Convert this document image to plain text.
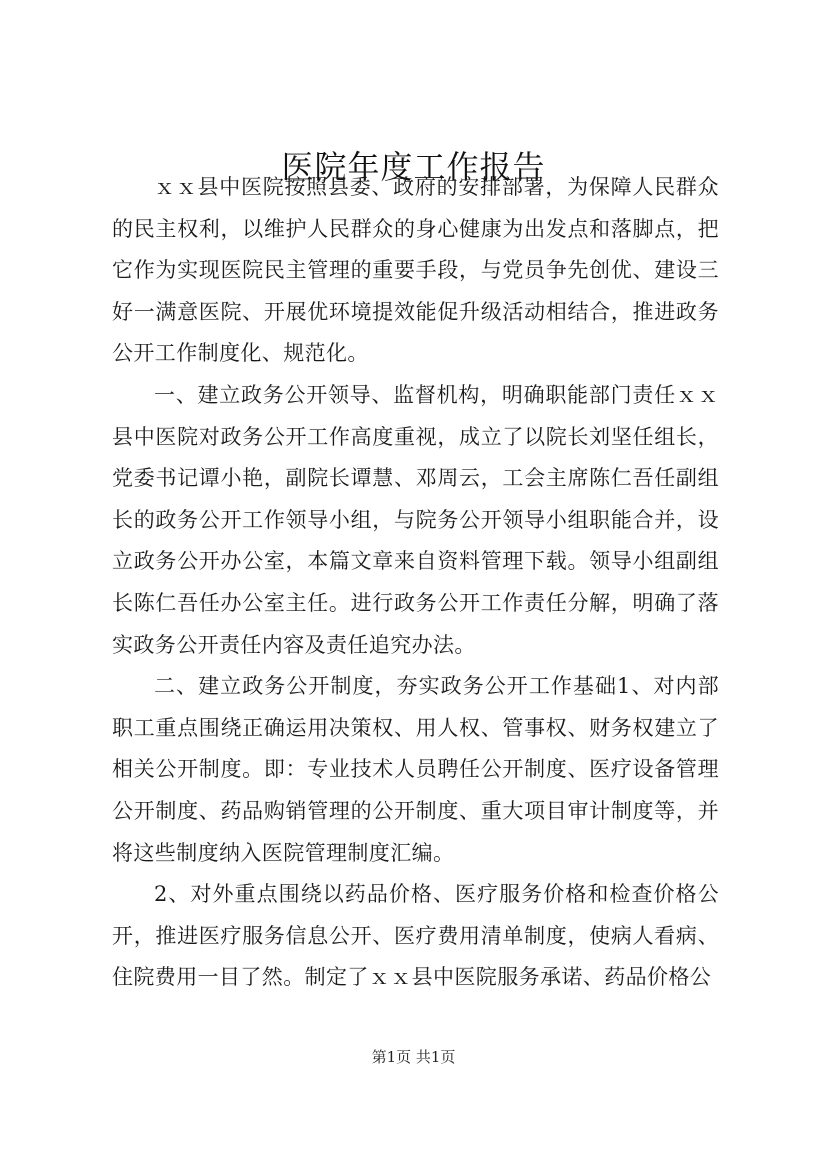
医院年度工作报告

ｘｘ县中医院按照县委、政府的安排部署，为保障人民群众的民主权利，以维护人民群众的身心健康为出发点和落脚点，把它作为实现医院民主管理的重要手段，与党员争先创优、建设三好一满意医院、开展优环境提效能促升级活动相结合，推进政务公开工作制度化、规范化。

一、建立政务公开领导、监督机构，明确职能部门责任ｘｘ县中医院对政务公开工作高度重视，成立了以院长刘坚任组长，党委书记谭小艳，副院长谭慧、邓周云，工会主席陈仁吾任副组长的政务公开工作领导小组，与院务公开领导小组职能合并，设立政务公开办公室，本篇文章来自资料管理下载。领导小组副组长陈仁吾任办公室主任。进行政务公开工作责任分解，明确了落实政务公开责任内容及责任追究办法。

二、建立政务公开制度，夯实政务公开工作基础1、对内部职工重点围绕正确运用决策权、用人权、管事权、财务权建立了相关公开制度。即：专业技术人员聘任公开制度、医疗设备管理公开制度、药品购销管理的公开制度、重大项目审计制度等，并将这些制度纳入医院管理制度汇编。

2、对外重点围绕以药品价格、医疗服务价格和检查价格公开，推进医疗服务信息公开、医疗费用清单制度，使病人看病、住院费用一目了然。制定了ｘｘ县中医院服务承诺、药品价格公

第1页 共1页
